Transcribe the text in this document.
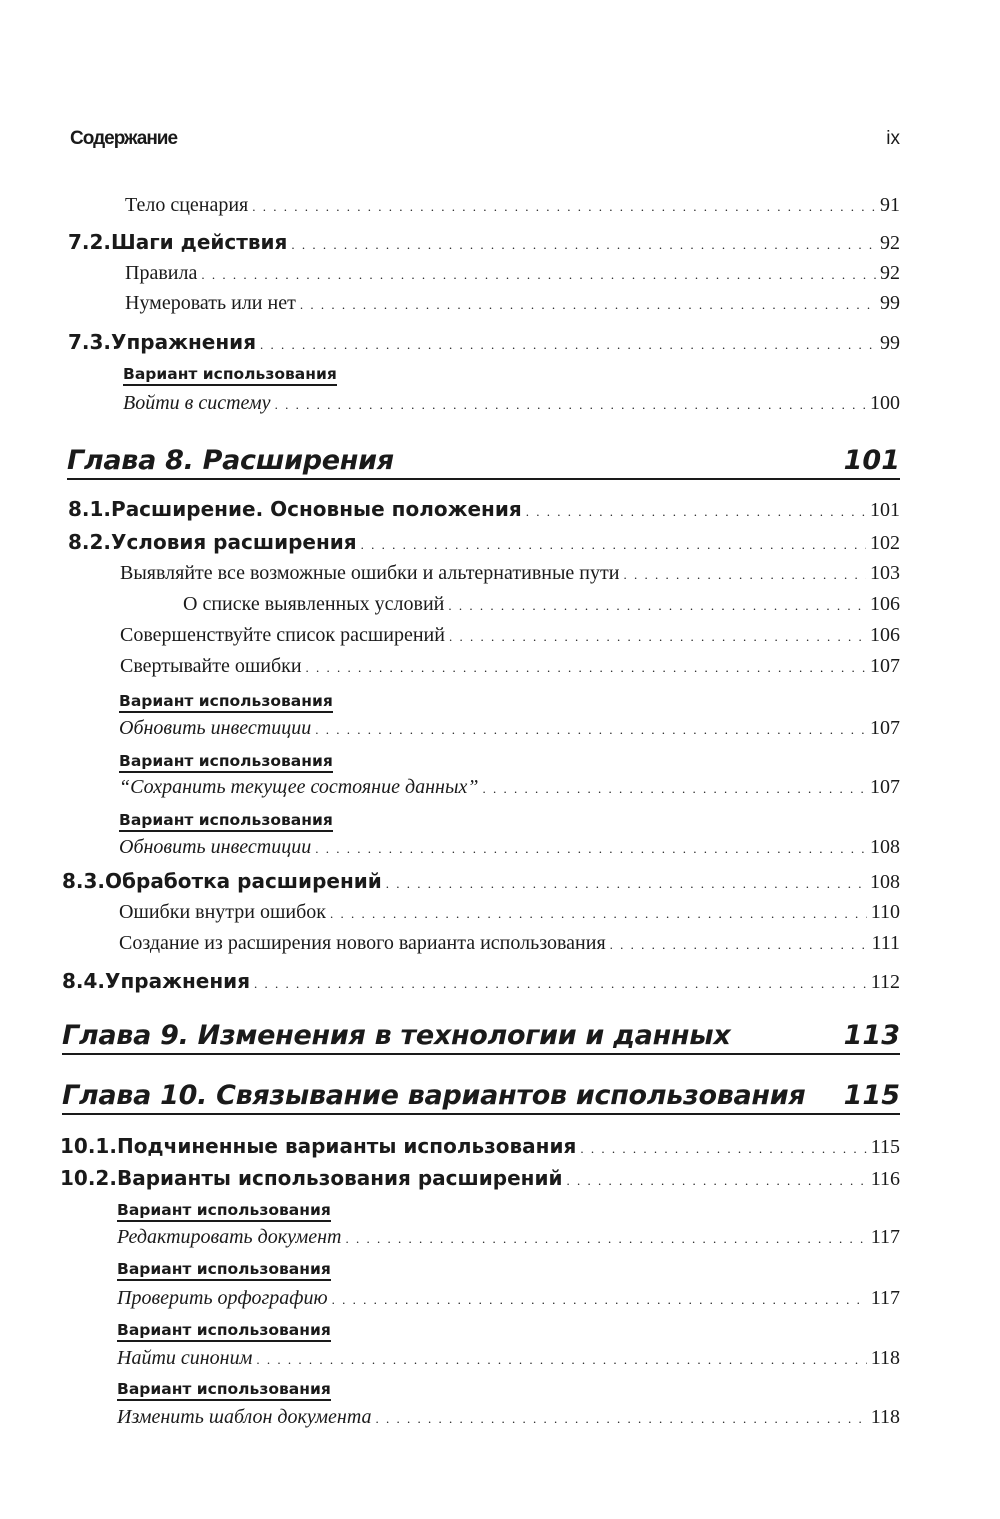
Содержание	ix
Тело сценария . . .	91
7.2. Шаги действия . . .	92
Правила . . .	92
Нумеровать или нет . . .	99
7.3. Упражнения . . .	99
Вариант использования
Войти в систему . . .	100
Глава 8. Расширения	101
8.1. Расширение. Основные положения . . .	101
8.2. Условия расширения . . .	102
Выявляйте все возможные ошибки и альтернативные пути . . .	103
О списке выявленных условий . . .	106
Совершенствуйте список расширений . . .	106
Свертывайте ошибки . . .	107
Вариант использования
Обновить инвестиции . . .	107
Вариант использования
“Сохранить текущее состояние данных” . . .	107
Вариант использования
Обновить инвестиции . . .	108
8.3. Обработка расширений . . .	108
Ошибки внутри ошибок . . .	110
Создание из расширения нового варианта использования . . .	111
8.4. Упражнения . . .	112
Глава 9. Изменения в технологии и данных	113
Глава 10. Связывание вариантов использования 115
10.1. Подчиненные варианты использования . . .	115
10.2. Варианты использования расширений . . .	116
Вариант использования
Редактировать документ . . .	117
Вариант использования
Проверить орфографию . . .	117
Вариант использования
Найти синоним . . .	118
Вариант использования
Изменить шаблон документа . . .	118
